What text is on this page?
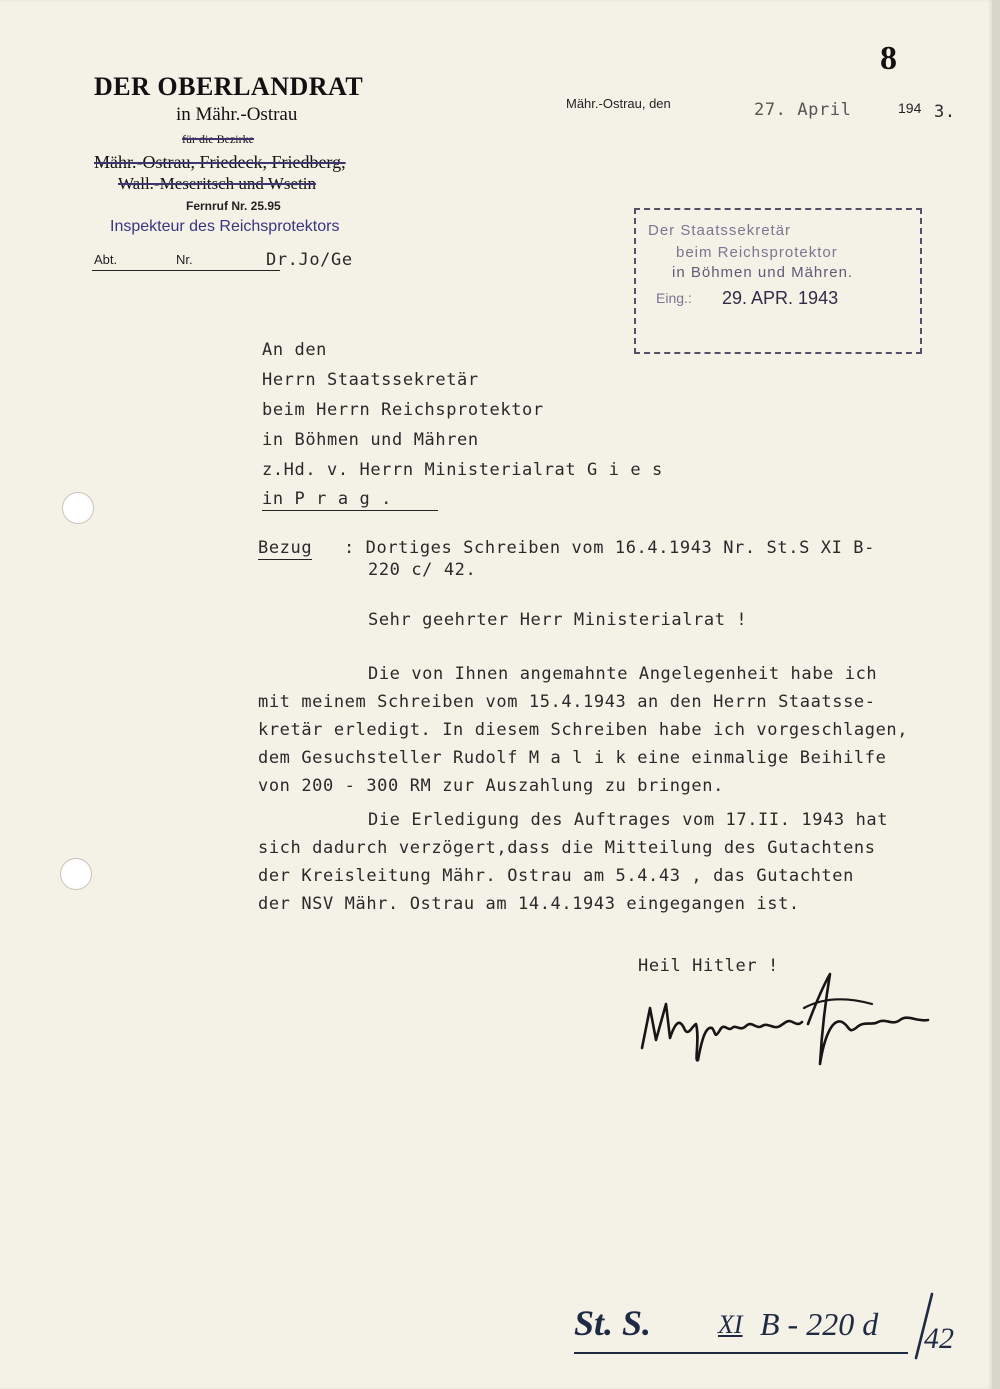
8
DER OBERLANDRAT
in Mähr.-Ostrau
für die Bezirke
Mähr.-Ostrau, Friedeck, Friedberg,
Wall.-Meseritsch und Wsetin
Fernruf Nr. 25.95
Inspekteur des Reichsprotektors
Abt.	Nr.	Dr.Jo/Ge
Mähr.-Ostrau, den	27. April	194 3.
Der Staatssekretär
beim Reichsprotektor
in Böhmen und Mähren.
Eing.: 29. APR. 1943
An den
Herrn Staatssekretär
beim Herrn Reichsprotektor
in Böhmen und Mähren
z.Hd. v. Herrn Ministerialrat G i e s
in P r a g .
Bezug : Dortiges Schreiben vom 16.4.1943 Nr. St.S XI B-
220 c/ 42.
Sehr geehrter Herr Ministerialrat !
Die von Ihnen angemahnte Angelegenheit habe ich
mit meinem Schreiben vom 15.4.1943 an den Herrn Staatsse-
kretär erledigt. In diesem Schreiben habe ich vorgeschlagen,
dem Gesuchsteller Rudolf M a l i k eine einmalige Beihilfe
von 200 - 300 RM zur Auszahlung zu bringen.
Die Erledigung des Auftrages vom 17.II. 1943 hat
sich dadurch verzögert,dass die Mitteilung des Gutachtens
der Kreisleitung Mähr. Ostrau am 5.4.43 , das Gutachten
der NSV Mähr. Ostrau am 14.4.1943 eingegangen ist.
Heil Hitler !
St. S.	XI B - 220 d 42
